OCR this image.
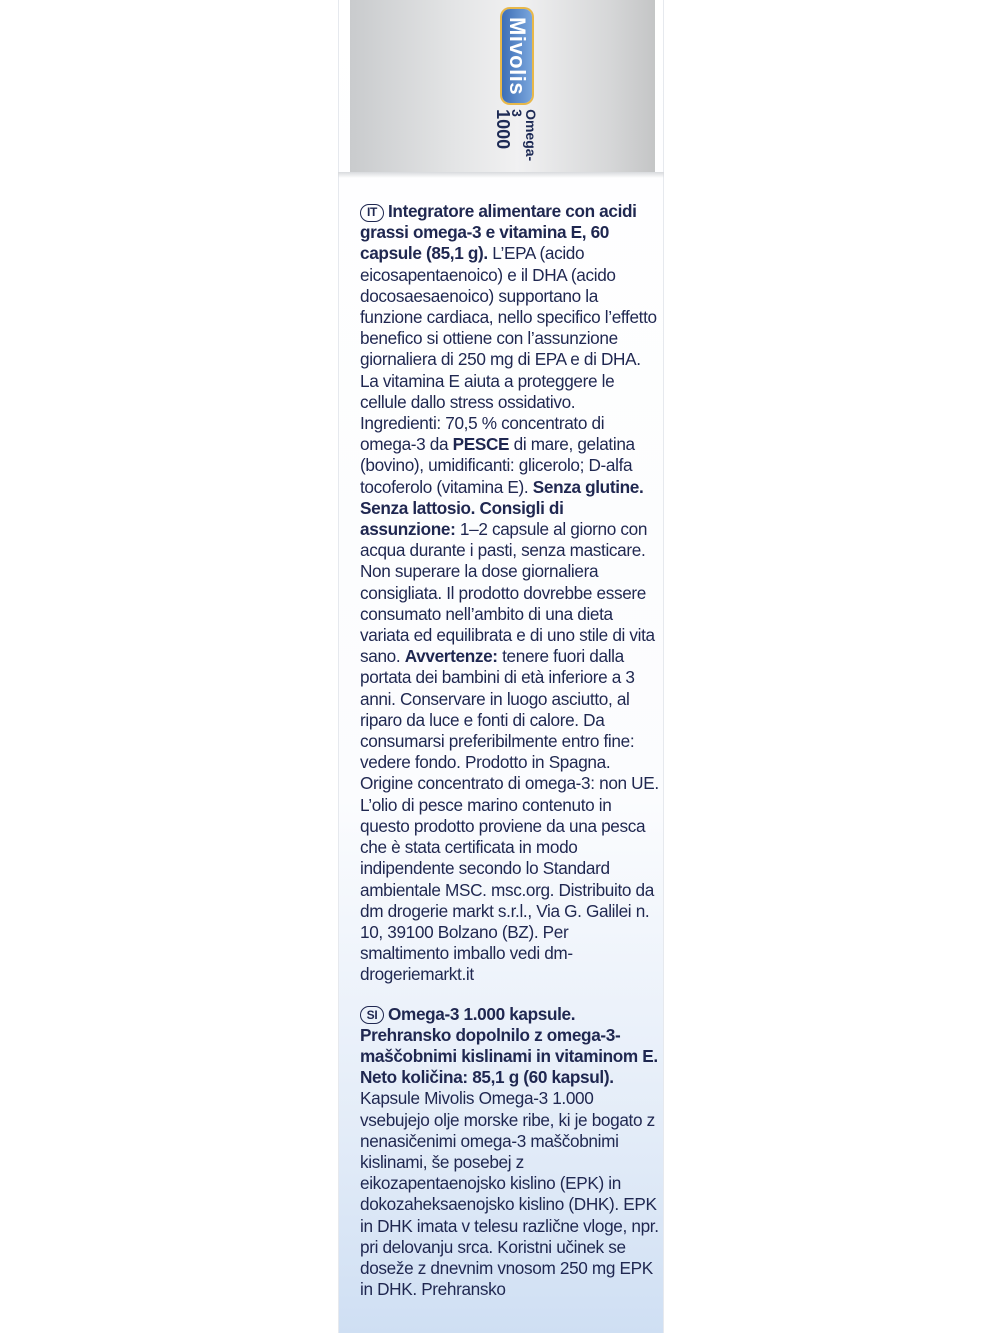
Mivolis
Omega-3
1000

IT Integratore alimentare con acidi grassi omega-3 e vitamina E, 60 capsule (85,1 g). L’EPA (acido eicosapentaenoico) e il DHA (acido docosaesaenoico) supportano la funzione cardiaca, nello specifico l’effetto benefico si ottiene con l’assunzione giornaliera di 250 mg di EPA e di DHA. La vitamina E aiuta a proteggere le cellule dallo stress ossidativo. Ingredienti: 70,5 % concentrato di omega-3 da PESCE di mare, gelatina (bovino), umidificanti: glicerolo; D-alfa tocoferolo (vitamina E). Senza glutine. Senza lattosio. Consigli di assunzione: 1–2 capsule al giorno con acqua durante i pasti, senza masticare. Non superare la dose giornaliera consigliata. Il prodotto dovrebbe essere consumato nell’ambito di una dieta variata ed equilibrata e di uno stile di vita sano. Avvertenze: tenere fuori dalla portata dei bambini di età inferiore a 3 anni. Conservare in luogo asciutto, al riparo da luce e fonti di calore. Da consumarsi preferibilmente entro fine: vedere fondo. Prodotto in Spagna. Origine concentrato di omega-3: non UE. L’olio di pesce marino contenuto in questo prodotto proviene da una pesca che è stata certificata in modo indipendente secondo lo Standard ambientale MSC. msc.org. Distribuito da dm drogerie markt s.r.l., Via G. Galilei n. 10, 39100 Bolzano (BZ). Per smaltimento imballo vedi dm-drogeriemarkt.it

SI Omega-3 1.000 kapsule. Prehransko dopolnilo z omega-3-maščobnimi kislinami in vitaminom E. Neto količina: 85,1 g (60 kapsul). Kapsule Mivolis Omega-3 1.000 vsebujejo olje morske ribe, ki je bogato z nenasičenimi omega-3 maščobnimi kislinami, še posebej z eikozapentaenojsko kislino (EPK) in dokozaheksaenojsko kislino (DHK). EPK in DHK imata v telesu različne vloge, npr. pri delovanju srca. Koristni učinek se doseže z dnevnim vnosom 250 mg EPK in DHK. Prehransko
